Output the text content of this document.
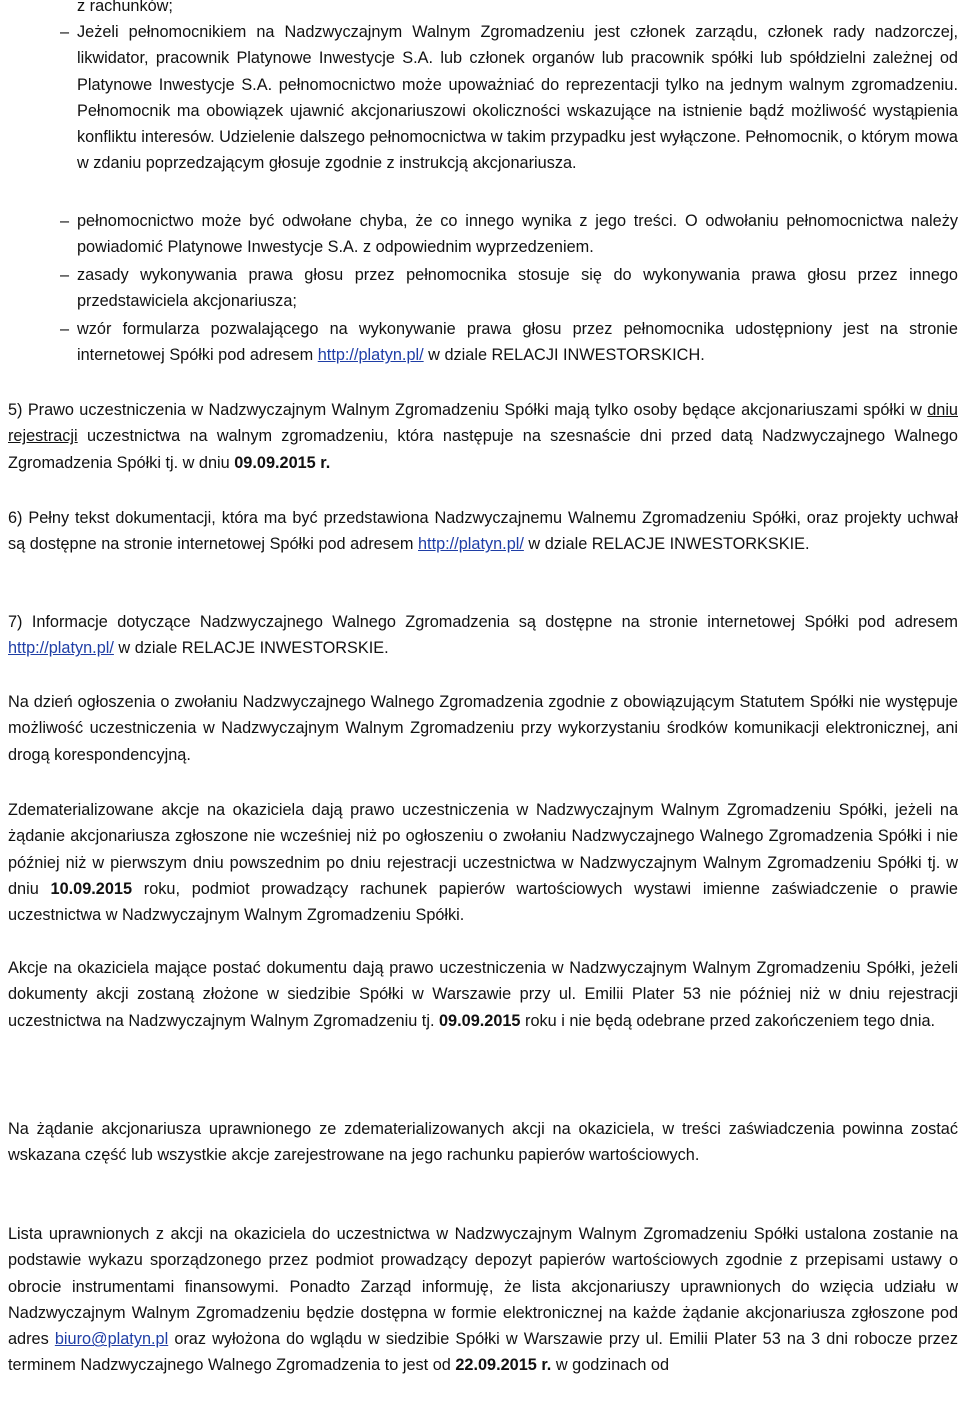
z rachunków;

– Jeżeli pełnomocnikiem na Nadzwyczajnym Walnym Zgromadzeniu jest członek zarządu, członek rady nadzorczej, likwidator, pracownik Platynowe Inwestycje S.A. lub członek organów lub pracownik spółki lub spółdzielni zależnej od Platynowe Inwestycje S.A. pełnomocnictwo może upoważniać do reprezentacji tylko na jednym walnym zgromadzeniu. Pełnomocnik ma obowiązek ujawnić akcjonariuszowi okoliczności wskazujące na istnienie bądź możliwość wystąpienia konfliktu interesów. Udzielenie dalszego pełnomocnictwa w takim przypadku jest wyłączone. Pełnomocnik, o którym mowa w zdaniu poprzedzającym głosuje zgodnie z instrukcją akcjonariusza.

– pełnomocnictwo może być odwołane chyba, że co innego wynika z jego treści. O odwołaniu pełnomocnictwa należy powiadomić Platynowe Inwestycje S.A. z odpowiednim wyprzedzeniem.

– zasady wykonywania prawa głosu przez pełnomocnika stosuje się do wykonywania prawa głosu przez innego przedstawiciela akcjonariusza;

– wzór formularza pozwalającego na wykonywanie prawa głosu przez pełnomocnika udostępniony jest na stronie internetowej Spółki pod adresem http://platyn.pl/ w dziale RELACJI INWESTORSKICH.

5) Prawo uczestniczenia w Nadzwyczajnym Walnym Zgromadzeniu Spółki mają tylko osoby będące akcjonariuszami spółki w dniu rejestracji uczestnictwa na walnym zgromadzeniu, która następuje na szesnaście dni przed datą Nadzwyczajnego Walnego Zgromadzenia Spółki tj. w dniu 09.09.2015 r.

6) Pełny tekst dokumentacji, która ma być przedstawiona Nadzwyczajnemu Walnemu Zgromadzeniu Spółki, oraz projekty uchwał są dostępne na stronie internetowej Spółki pod adresem http://platyn.pl/ w dziale RELACJE INWESTORKSKIE.

7) Informacje dotyczące Nadzwyczajnego Walnego Zgromadzenia są dostępne na stronie internetowej Spółki pod adresem http://platyn.pl/ w dziale RELACJE INWESTORSKIE.

Na dzień ogłoszenia o zwołaniu Nadzwyczajnego Walnego Zgromadzenia zgodnie z obowiązującym Statutem Spółki nie występuje możliwość uczestniczenia w Nadzwyczajnym Walnym Zgromadzeniu przy wykorzystaniu środków komunikacji elektronicznej, ani drogą korespondencyjną.

Zdematerializowane akcje na okaziciela dają prawo uczestniczenia w Nadzwyczajnym Walnym Zgromadzeniu Spółki, jeżeli na żądanie akcjonariusza zgłoszone nie wcześniej niż po ogłoszeniu o zwołaniu Nadzwyczajnego Walnego Zgromadzenia Spółki i nie później niż w pierwszym dniu powszednim po dniu rejestracji uczestnictwa w Nadzwyczajnym Walnym Zgromadzeniu Spółki tj. w dniu 10.09.2015 roku, podmiot prowadzący rachunek papierów wartościowych wystawi imienne zaświadczenie o prawie uczestnictwa w Nadzwyczajnym Walnym Zgromadzeniu Spółki.

Akcje na okaziciela mające postać dokumentu dają prawo uczestniczenia w Nadzwyczajnym Walnym Zgromadzeniu Spółki, jeżeli dokumenty akcji zostaną złożone w siedzibie Spółki w Warszawie przy ul. Emilii Plater 53 nie później niż w dniu rejestracji uczestnictwa na Nadzwyczajnym Walnym Zgromadzeniu tj. 09.09.2015 roku i nie będą odebrane przed zakończeniem tego dnia.

Na żądanie akcjonariusza uprawnionego ze zdematerializowanych akcji na okaziciela, w treści zaświadczenia powinna zostać wskazana część lub wszystkie akcje zarejestrowane na jego rachunku papierów wartościowych.

Lista uprawnionych z akcji na okaziciela do uczestnictwa w Nadzwyczajnym Walnym Zgromadzeniu Spółki ustalona zostanie na podstawie wykazu sporządzonego przez podmiot prowadzący depozyt papierów wartościowych zgodnie z przepisami ustawy o obrocie instrumentami finansowymi. Ponadto Zarząd informuję, że lista akcjonariuszy uprawnionych do wzięcia udziału w Nadzwyczajnym Walnym Zgromadzeniu będzie dostępna w formie elektronicznej na każde żądanie akcjonariusza zgłoszone pod adres biuro@platyn.pl oraz wyłożona do wglądu w siedzibie Spółki w Warszawie przy ul. Emilii Plater 53 na 3 dni robocze przez terminem Nadzwyczajnego Walnego Zgromadzenia to jest od 22.09.2015 r. w godzinach od
